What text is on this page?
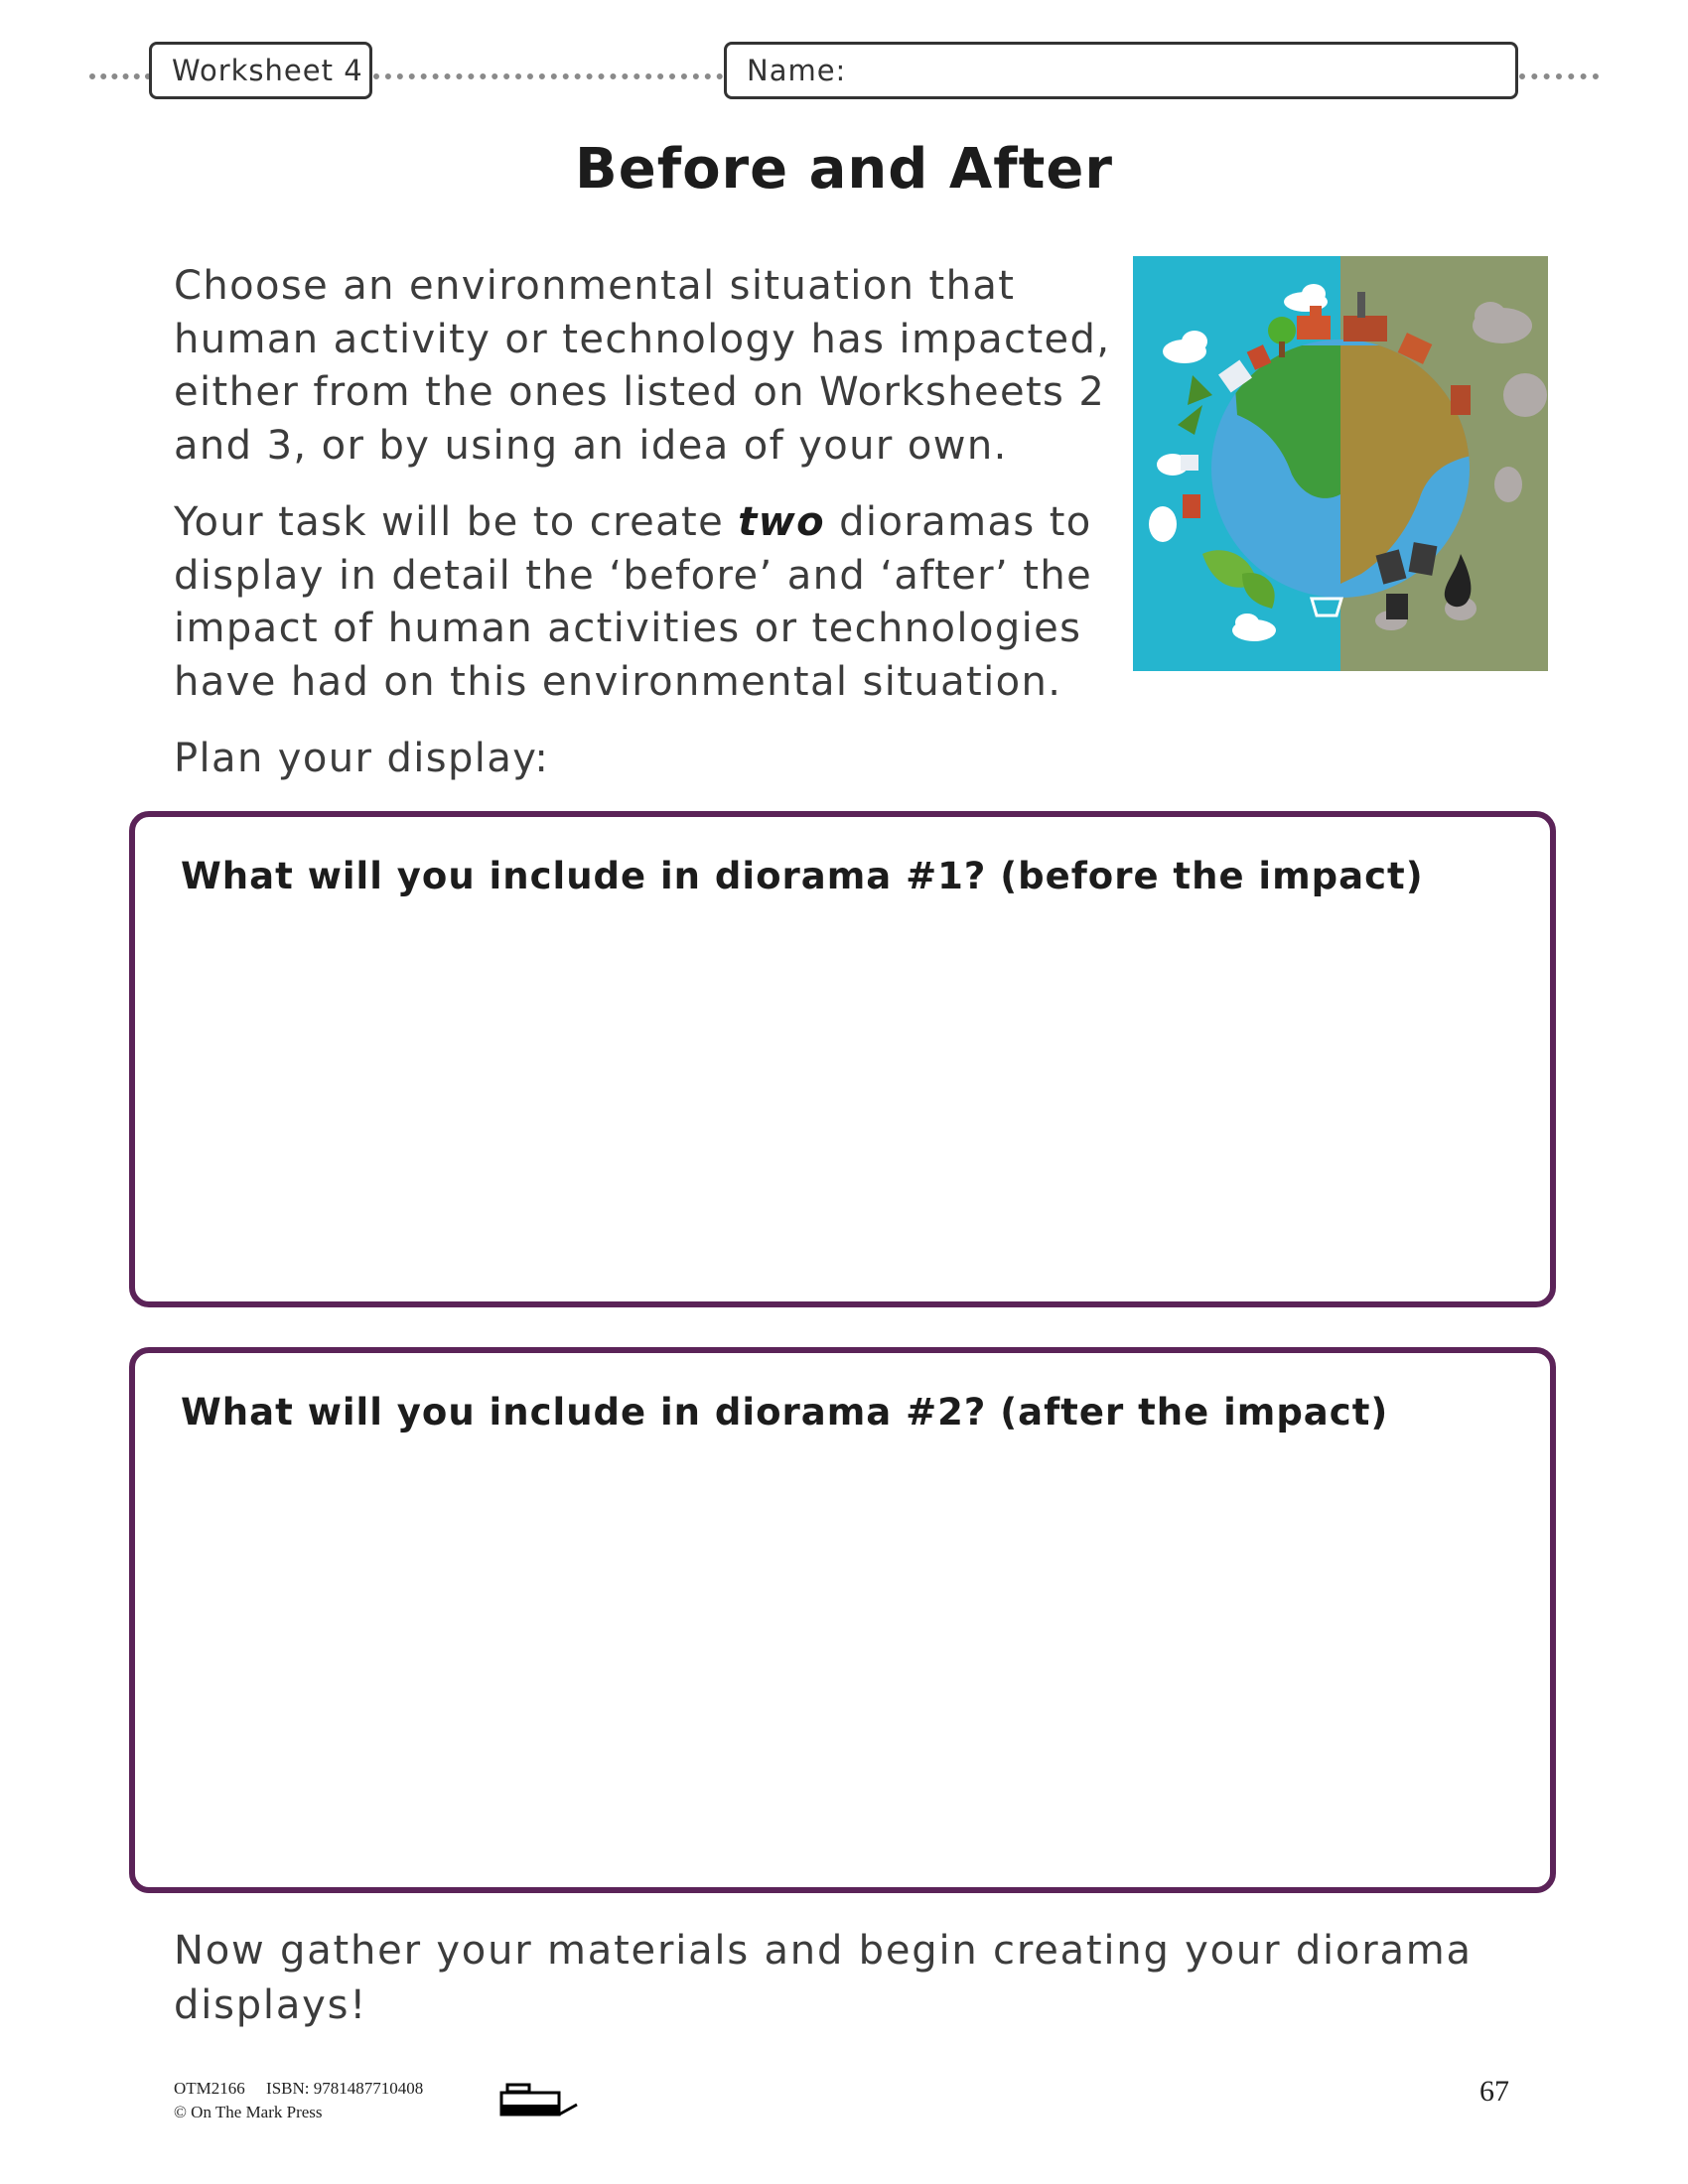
Worksheet 4	Name:
Before and After

Choose an environmental situation that human activity or technology has impacted, either from the ones listed on Worksheets 2 and 3, or by using an idea of your own.

Your task will be to create two dioramas to display in detail the ‘before’ and ‘after’ the impact of human activities or technologies have had on this environmental situation.

Plan your display:

What will you include in diorama #1? (before the impact)

What will you include in diorama #2? (after the impact)

Now gather your materials and begin creating your diorama displays!

OTM2166     ISBN: 9781487710408
© On The Mark Press
67
